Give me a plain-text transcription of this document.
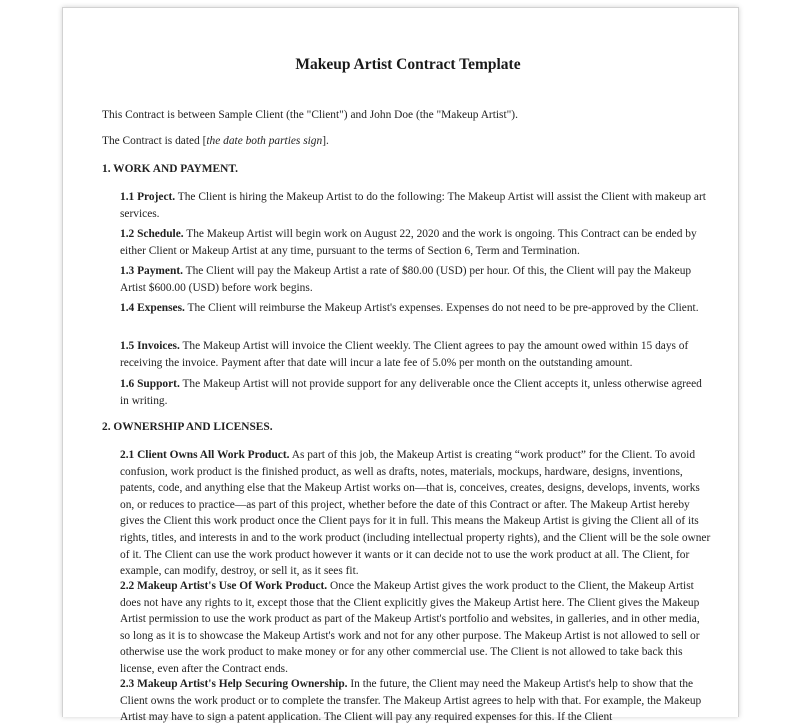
Makeup Artist Contract Template
This Contract is between Sample Client (the "Client") and John Doe (the "Makeup Artist").
The Contract is dated [the date both parties sign].
1. WORK AND PAYMENT.
1.1 Project. The Client is hiring the Makeup Artist to do the following: The Makeup Artist will assist the Client with makeup art services.
1.2 Schedule. The Makeup Artist will begin work on August 22, 2020 and the work is ongoing. This Contract can be ended by either Client or Makeup Artist at any time, pursuant to the terms of Section 6, Term and Termination.
1.3 Payment. The Client will pay the Makeup Artist a rate of $80.00 (USD) per hour. Of this, the Client will pay the Makeup Artist $600.00 (USD) before work begins.
1.4 Expenses. The Client will reimburse the Makeup Artist's expenses. Expenses do not need to be pre-approved by the Client.
1.5 Invoices. The Makeup Artist will invoice the Client weekly. The Client agrees to pay the amount owed within 15 days of receiving the invoice. Payment after that date will incur a late fee of 5.0% per month on the outstanding amount.
1.6 Support. The Makeup Artist will not provide support for any deliverable once the Client accepts it, unless otherwise agreed in writing.
2. OWNERSHIP AND LICENSES.
2.1 Client Owns All Work Product. As part of this job, the Makeup Artist is creating “work product” for the Client. To avoid confusion, work product is the finished product, as well as drafts, notes, materials, mockups, hardware, designs, inventions, patents, code, and anything else that the Makeup Artist works on—that is, conceives, creates, designs, develops, invents, works on, or reduces to practice—as part of this project, whether before the date of this Contract or after. The Makeup Artist hereby gives the Client this work product once the Client pays for it in full. This means the Makeup Artist is giving the Client all of its rights, titles, and interests in and to the work product (including intellectual property rights), and the Client will be the sole owner of it. The Client can use the work product however it wants or it can decide not to use the work product at all. The Client, for example, can modify, destroy, or sell it, as it sees fit.
2.2 Makeup Artist's Use Of Work Product. Once the Makeup Artist gives the work product to the Client, the Makeup Artist does not have any rights to it, except those that the Client explicitly gives the Makeup Artist here. The Client gives the Makeup Artist permission to use the work product as part of the Makeup Artist's portfolio and websites, in galleries, and in other media, so long as it is to showcase the Makeup Artist's work and not for any other purpose. The Makeup Artist is not allowed to sell or otherwise use the work product to make money or for any other commercial use. The Client is not allowed to take back this license, even after the Contract ends.
2.3 Makeup Artist's Help Securing Ownership. In the future, the Client may need the Makeup Artist's help to show that the Client owns the work product or to complete the transfer. The Makeup Artist agrees to help with that. For example, the Makeup Artist may have to sign a patent application. The Client will pay any required expenses for this. If the Client
